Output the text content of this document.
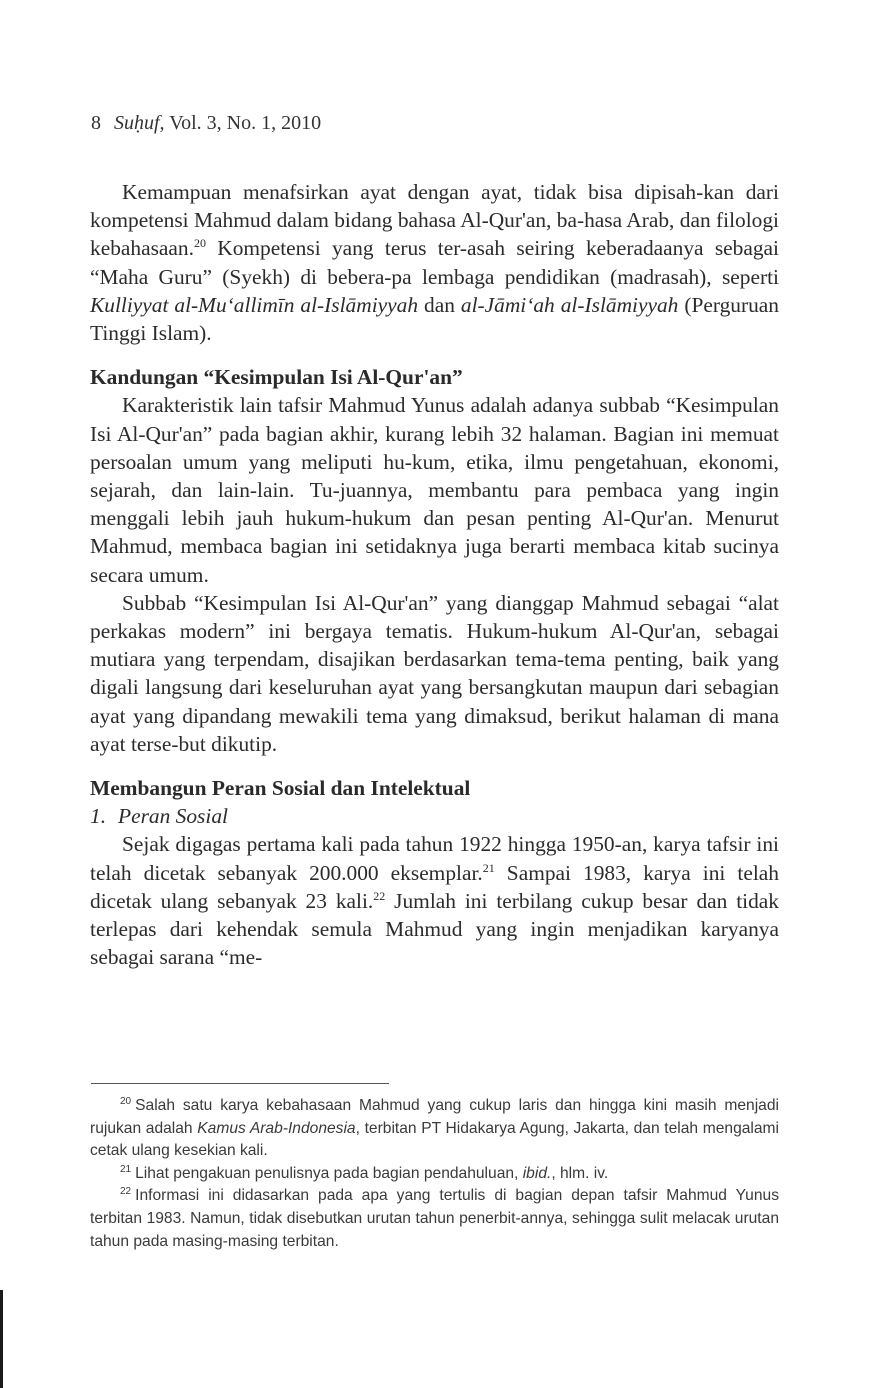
8 Suḥuf, Vol. 3, No. 1, 2010

Kemampuan menafsirkan ayat dengan ayat, tidak bisa dipisah-kan dari kompetensi Mahmud dalam bidang bahasa Al-Qur'an, ba-hasa Arab, dan filologi kebahasaan.$^{20}$ Kompetensi yang terus ter-asah seiring keberadaanya sebagai “Maha Guru” (Syekh) di bebera-pa lembaga pendidikan (madrasah), seperti Kulliyyat al-Mu‘allimīn al-Islāmiyyah dan al-Jāmi‘ah al-Islāmiyyah (Perguruan Tinggi Islam).

Kandungan “Kesimpulan Isi Al-Qur'an”

Karakteristik lain tafsir Mahmud Yunus adalah adanya subbab “Kesimpulan Isi Al-Qur'an” pada bagian akhir, kurang lebih 32 halaman. Bagian ini memuat persoalan umum yang meliputi hu-kum, etika, ilmu pengetahuan, ekonomi, sejarah, dan lain-lain. Tu-juannya, membantu para pembaca yang ingin menggali lebih jauh hukum-hukum dan pesan penting Al-Qur'an. Menurut Mahmud, membaca bagian ini setidaknya juga berarti membaca kitab sucinya secara umum.

Subbab “Kesimpulan Isi Al-Qur'an” yang dianggap Mahmud sebagai “alat perkakas modern” ini bergaya tematis. Hukum-hukum Al-Qur'an, sebagai mutiara yang terpendam, disajikan berdasarkan tema-tema penting, baik yang digali langsung dari keseluruhan ayat yang bersangkutan maupun dari sebagian ayat yang dipandang mewakili tema yang dimaksud, berikut halaman di mana ayat terse-but dikutip.

Membangun Peran Sosial dan Intelektual

1. Peran Sosial

Sejak digagas pertama kali pada tahun 1922 hingga 1950-an, karya tafsir ini telah dicetak sebanyak 200.000 eksemplar.$^{21}$ Sampai 1983, karya ini telah dicetak ulang sebanyak 23 kali.$^{22}$ Jumlah ini terbilang cukup besar dan tidak terlepas dari kehendak semula Mahmud yang ingin menjadikan karyanya sebagai sarana “me-

$^{20}$ Salah satu karya kebahasaan Mahmud yang cukup laris dan hingga kini masih menjadi rujukan adalah Kamus Arab-Indonesia, terbitan PT Hidakarya Agung, Jakarta, dan telah mengalami cetak ulang kesekian kali.

$^{21}$ Lihat pengakuan penulisnya pada bagian pendahuluan, ibid., hlm. iv.

$^{22}$ Informasi ini didasarkan pada apa yang tertulis di bagian depan tafsir Mahmud Yunus terbitan 1983. Namun, tidak disebutkan urutan tahun penerbit-annya, sehingga sulit melacak urutan tahun pada masing-masing terbitan.
